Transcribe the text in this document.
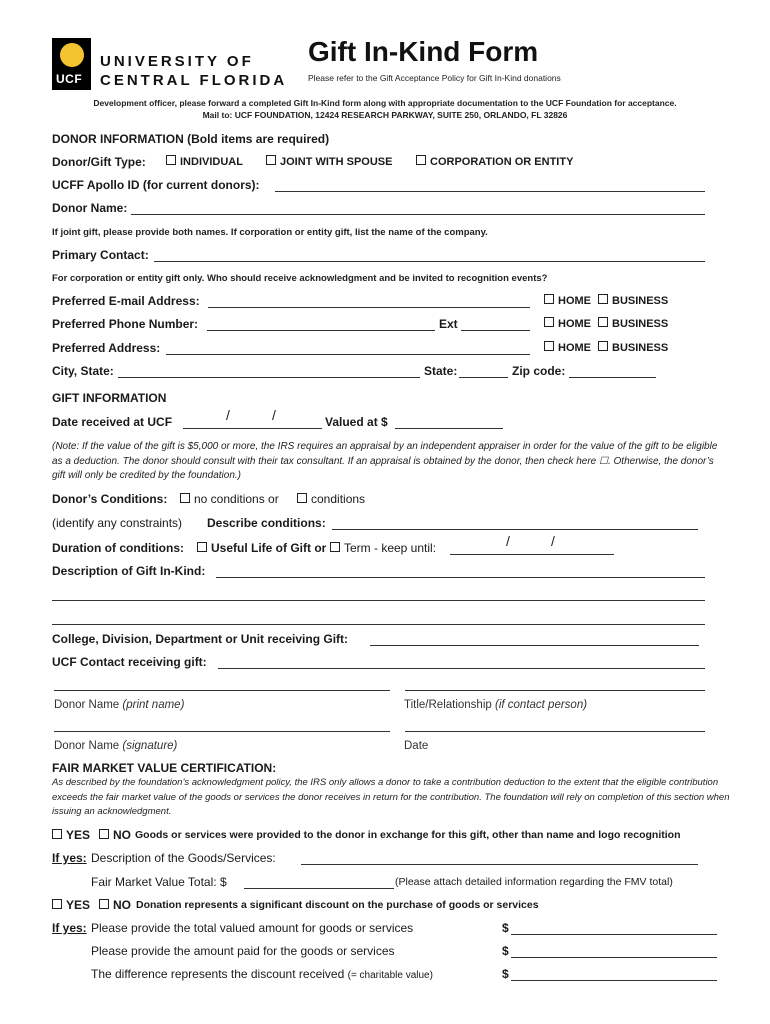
UCF
UNIVERSITY OF
CENTRAL FLORIDA
Gift In-Kind Form
Please refer to the Gift Acceptance Policy for Gift In-Kind donations
Development officer, please forward a completed Gift In-Kind form along with appropriate documentation to the UCF Foundation for acceptance.
Mail to: UCF FOUNDATION, 12424 RESEARCH PARKWAY, SUITE 250, ORLANDO, FL 32826
DONOR INFORMATION (Bold items are required)
Donor/Gift Type:	INDIVIDUAL	JOINT WITH SPOUSE	CORPORATION OR ENTITY
UCFF Apollo ID (for current donors):
Donor Name:
If joint gift, please provide both names. If corporation or entity gift, list the name of the company.
Primary Contact:
For corporation or entity gift only. Who should receive acknowledgment and be invited to recognition events?
Preferred E-mail Address:	HOME	BUSINESS
Preferred Phone Number:	Ext	HOME	BUSINESS
Preferred Address:	HOME	BUSINESS
City, State:	State:	Zip code:
GIFT INFORMATION
Date received at UCF	/	/	Valued at $
(Note: If the value of the gift is $5,000 or more, the IRS requires an appraisal by an independent appraiser in order for the value of the gift to be eligible as a deduction. The donor should consult with their tax consultant. If an appraisal is obtained by the donor, then check here ☐. Otherwise, the donor’s gift will only be credited by the foundation.)
Donor’s Conditions:	no conditions or	conditions
(identify any constraints) Describe conditions:
Duration of conditions:	Useful Life of Gift or	Term - keep until:	/	/
Description of Gift In-Kind:
College, Division, Department or Unit receiving Gift:
UCF Contact receiving gift:
Donor Name (print name)	Title/Relationship (if contact person)
Donor Name (signature)	Date
FAIR MARKET VALUE CERTIFICATION:
As described by the foundation’s acknowledgment policy, the IRS only allows a donor to take a contribution deduction to the extent that the eligible contribution exceeds the fair market value of the goods or services the donor receives in return for the contribution. The foundation will rely on completion of this section when issuing an acknowledgment.
YES	NO Goods or services were provided to the donor in exchange for this gift, other than name and logo recognition
If yes: Description of the Goods/Services:
Fair Market Value Total: $	(Please attach detailed information regarding the FMV total)
YES	NO Donation represents a significant discount on the purchase of goods or services
If yes: Please provide the total valued amount for goods or services	$
Please provide the amount paid for the goods or services	$
The difference represents the discount received (= charitable value)	$
